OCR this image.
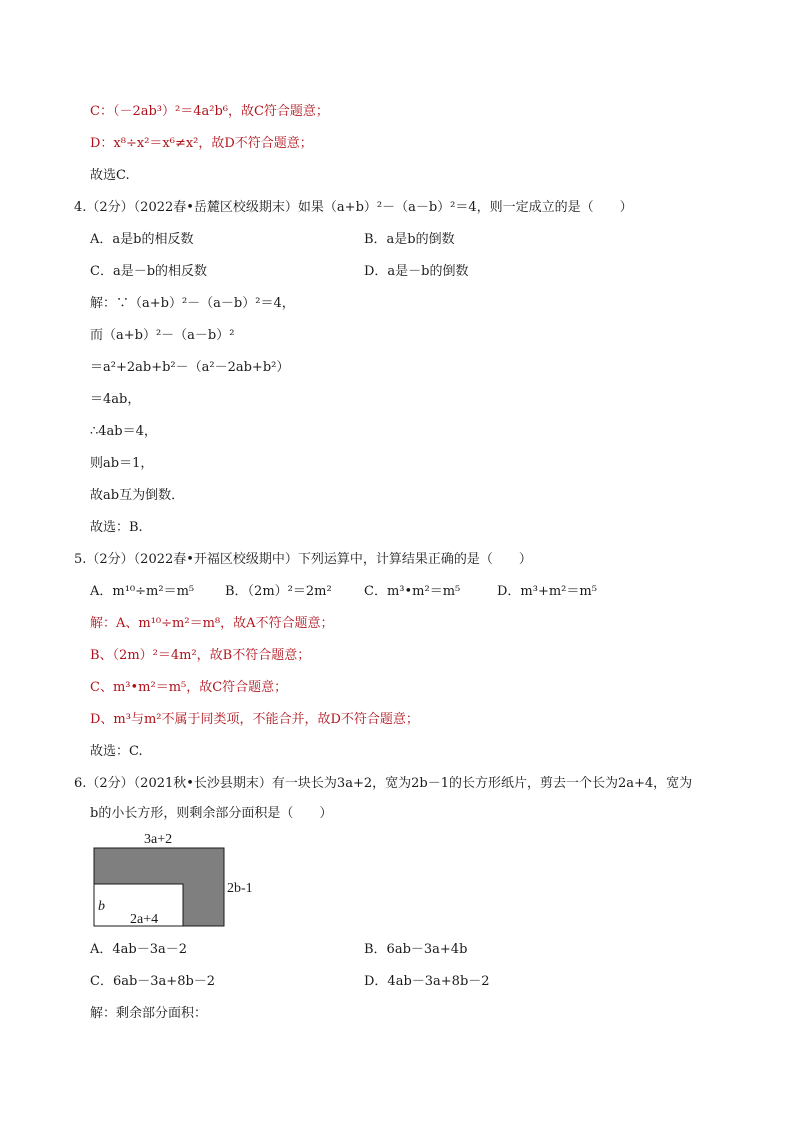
C：（－2ab³）²＝4a²b⁶，故C符合题意；
D：x⁸÷x²＝x⁶≠x²，故D不符合题意；
故选C.
4.（2分）（2022春•岳麓区校级期末）如果（a+b）²－（a－b）²＝4，则一定成立的是（　　）
A．a是b的相反数	B．a是b的倒数
C．a是－b的相反数	D．a是－b的倒数
解：∵（a+b）²－（a－b）²＝4，
而（a+b）²－（a－b）²
＝a²+2ab+b²－（a²－2ab+b²）
＝4ab，
∴4ab＝4，
则ab＝1，
故ab互为倒数．
故选：B.
5.（2分）（2022春•开福区校级期中）下列运算中，计算结果正确的是（　　）
A．m¹⁰÷m²＝m⁵ B．（2m）²＝2m² C．m³•m²＝m⁵	D．m³+m²＝m⁵
解：A、m¹⁰÷m²＝m⁸，故A不符合题意；
B、（2m）²＝4m²，故B不符合题意；
C、m³•m²＝m⁵，故C符合题意；
D、m³与m²不属于同类项，不能合并，故D不符合题意；
故选：C.
6.（2分）（2021秋•长沙县期末）有一块长为3a+2，宽为2b－1的长方形纸片，剪去一个长为2a+4，宽为
b的小长方形，则剩余部分面积是（　　）
3a+2
2b-1
b
2a+4
A．4ab－3a－2	B．6ab－3a+4b
C．6ab－3a+8b－2	D．4ab－3a+8b－2
解：剩余部分面积：
